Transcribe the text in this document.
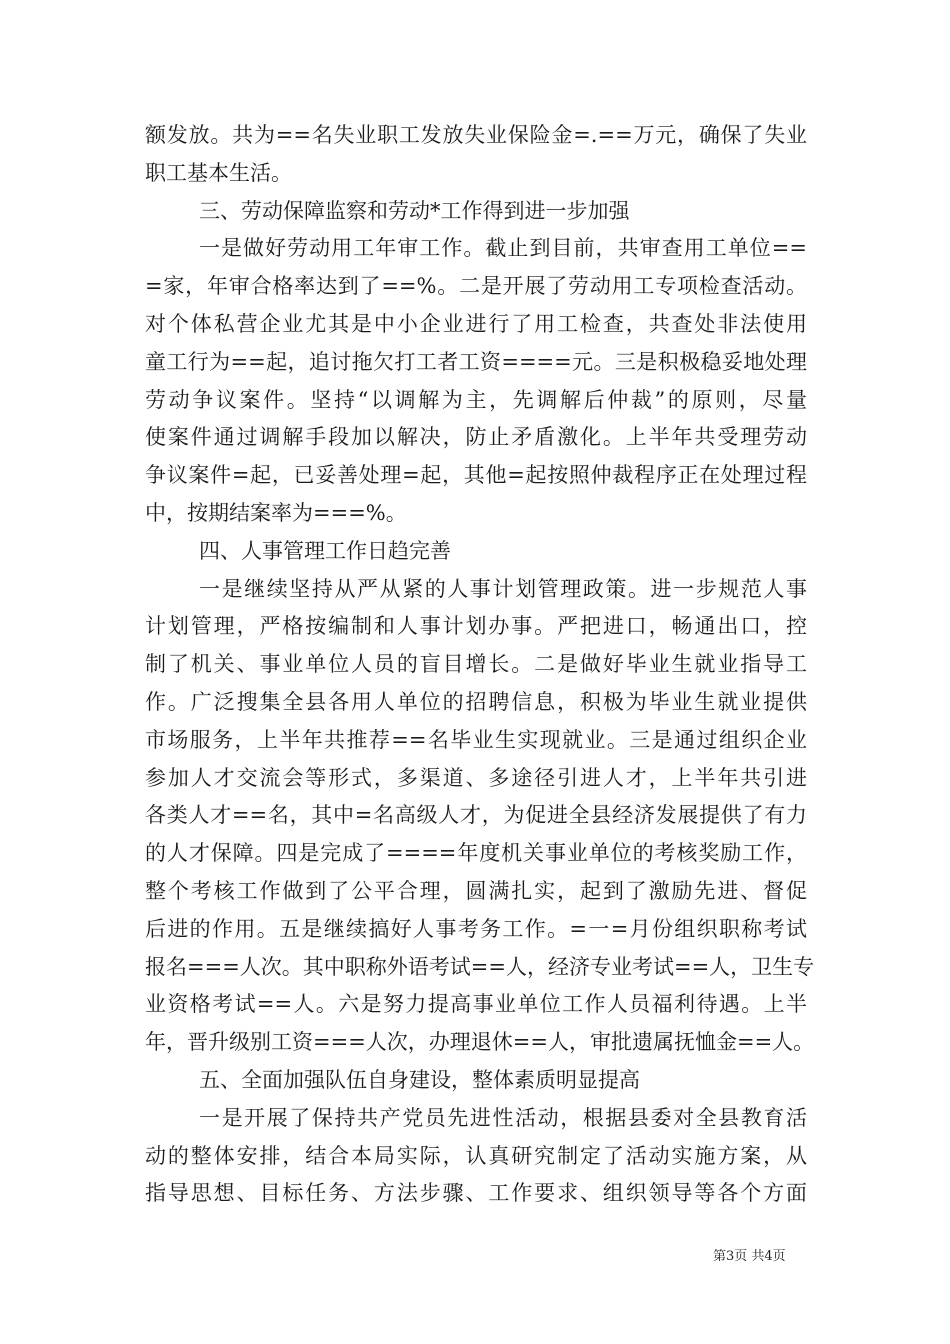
额发放。共为==名失业职工发放失业保险金=.==万元，确保了失业
职工基本生活。
三、劳动保障监察和劳动*工作得到进一步加强
一是做好劳动用工年审工作。截止到目前，共审查用工单位==
=家，年审合格率达到了==%。二是开展了劳动用工专项检查活动。
对个体私营企业尤其是中小企业进行了用工检查，共查处非法使用
童工行为==起，追讨拖欠打工者工资====元。三是积极稳妥地处理
劳动争议案件。坚持“以调解为主，先调解后仲裁”的原则，尽量
使案件通过调解手段加以解决，防止矛盾激化。上半年共受理劳动
争议案件=起，已妥善处理=起，其他=起按照仲裁程序正在处理过程
中，按期结案率为===%。
四、人事管理工作日趋完善
一是继续坚持从严从紧的人事计划管理政策。进一步规范人事
计划管理，严格按编制和人事计划办事。严把进口，畅通出口，控
制了机关、事业单位人员的盲目增长。二是做好毕业生就业指导工
作。广泛搜集全县各用人单位的招聘信息，积极为毕业生就业提供
市场服务，上半年共推荐==名毕业生实现就业。三是通过组织企业
参加人才交流会等形式，多渠道、多途径引进人才，上半年共引进
各类人才==名，其中=名高级人才，为促进全县经济发展提供了有力
的人才保障。四是完成了====年度机关事业单位的考核奖励工作，
整个考核工作做到了公平合理，圆满扎实，起到了激励先进、督促
后进的作用。五是继续搞好人事考务工作。=一=月份组织职称考试
报名===人次。其中职称外语考试==人，经济专业考试==人，卫生专
业资格考试==人。六是努力提高事业单位工作人员福利待遇。上半
年，晋升级别工资===人次，办理退休==人，审批遗属抚恤金==人。
五、全面加强队伍自身建设，整体素质明显提高
一是开展了保持共产党员先进性活动，根据县委对全县教育活
动的整体安排，结合本局实际，认真研究制定了活动实施方案，从
指导思想、目标任务、方法步骤、工作要求、组织领导等各个方面
第3页 共4页
